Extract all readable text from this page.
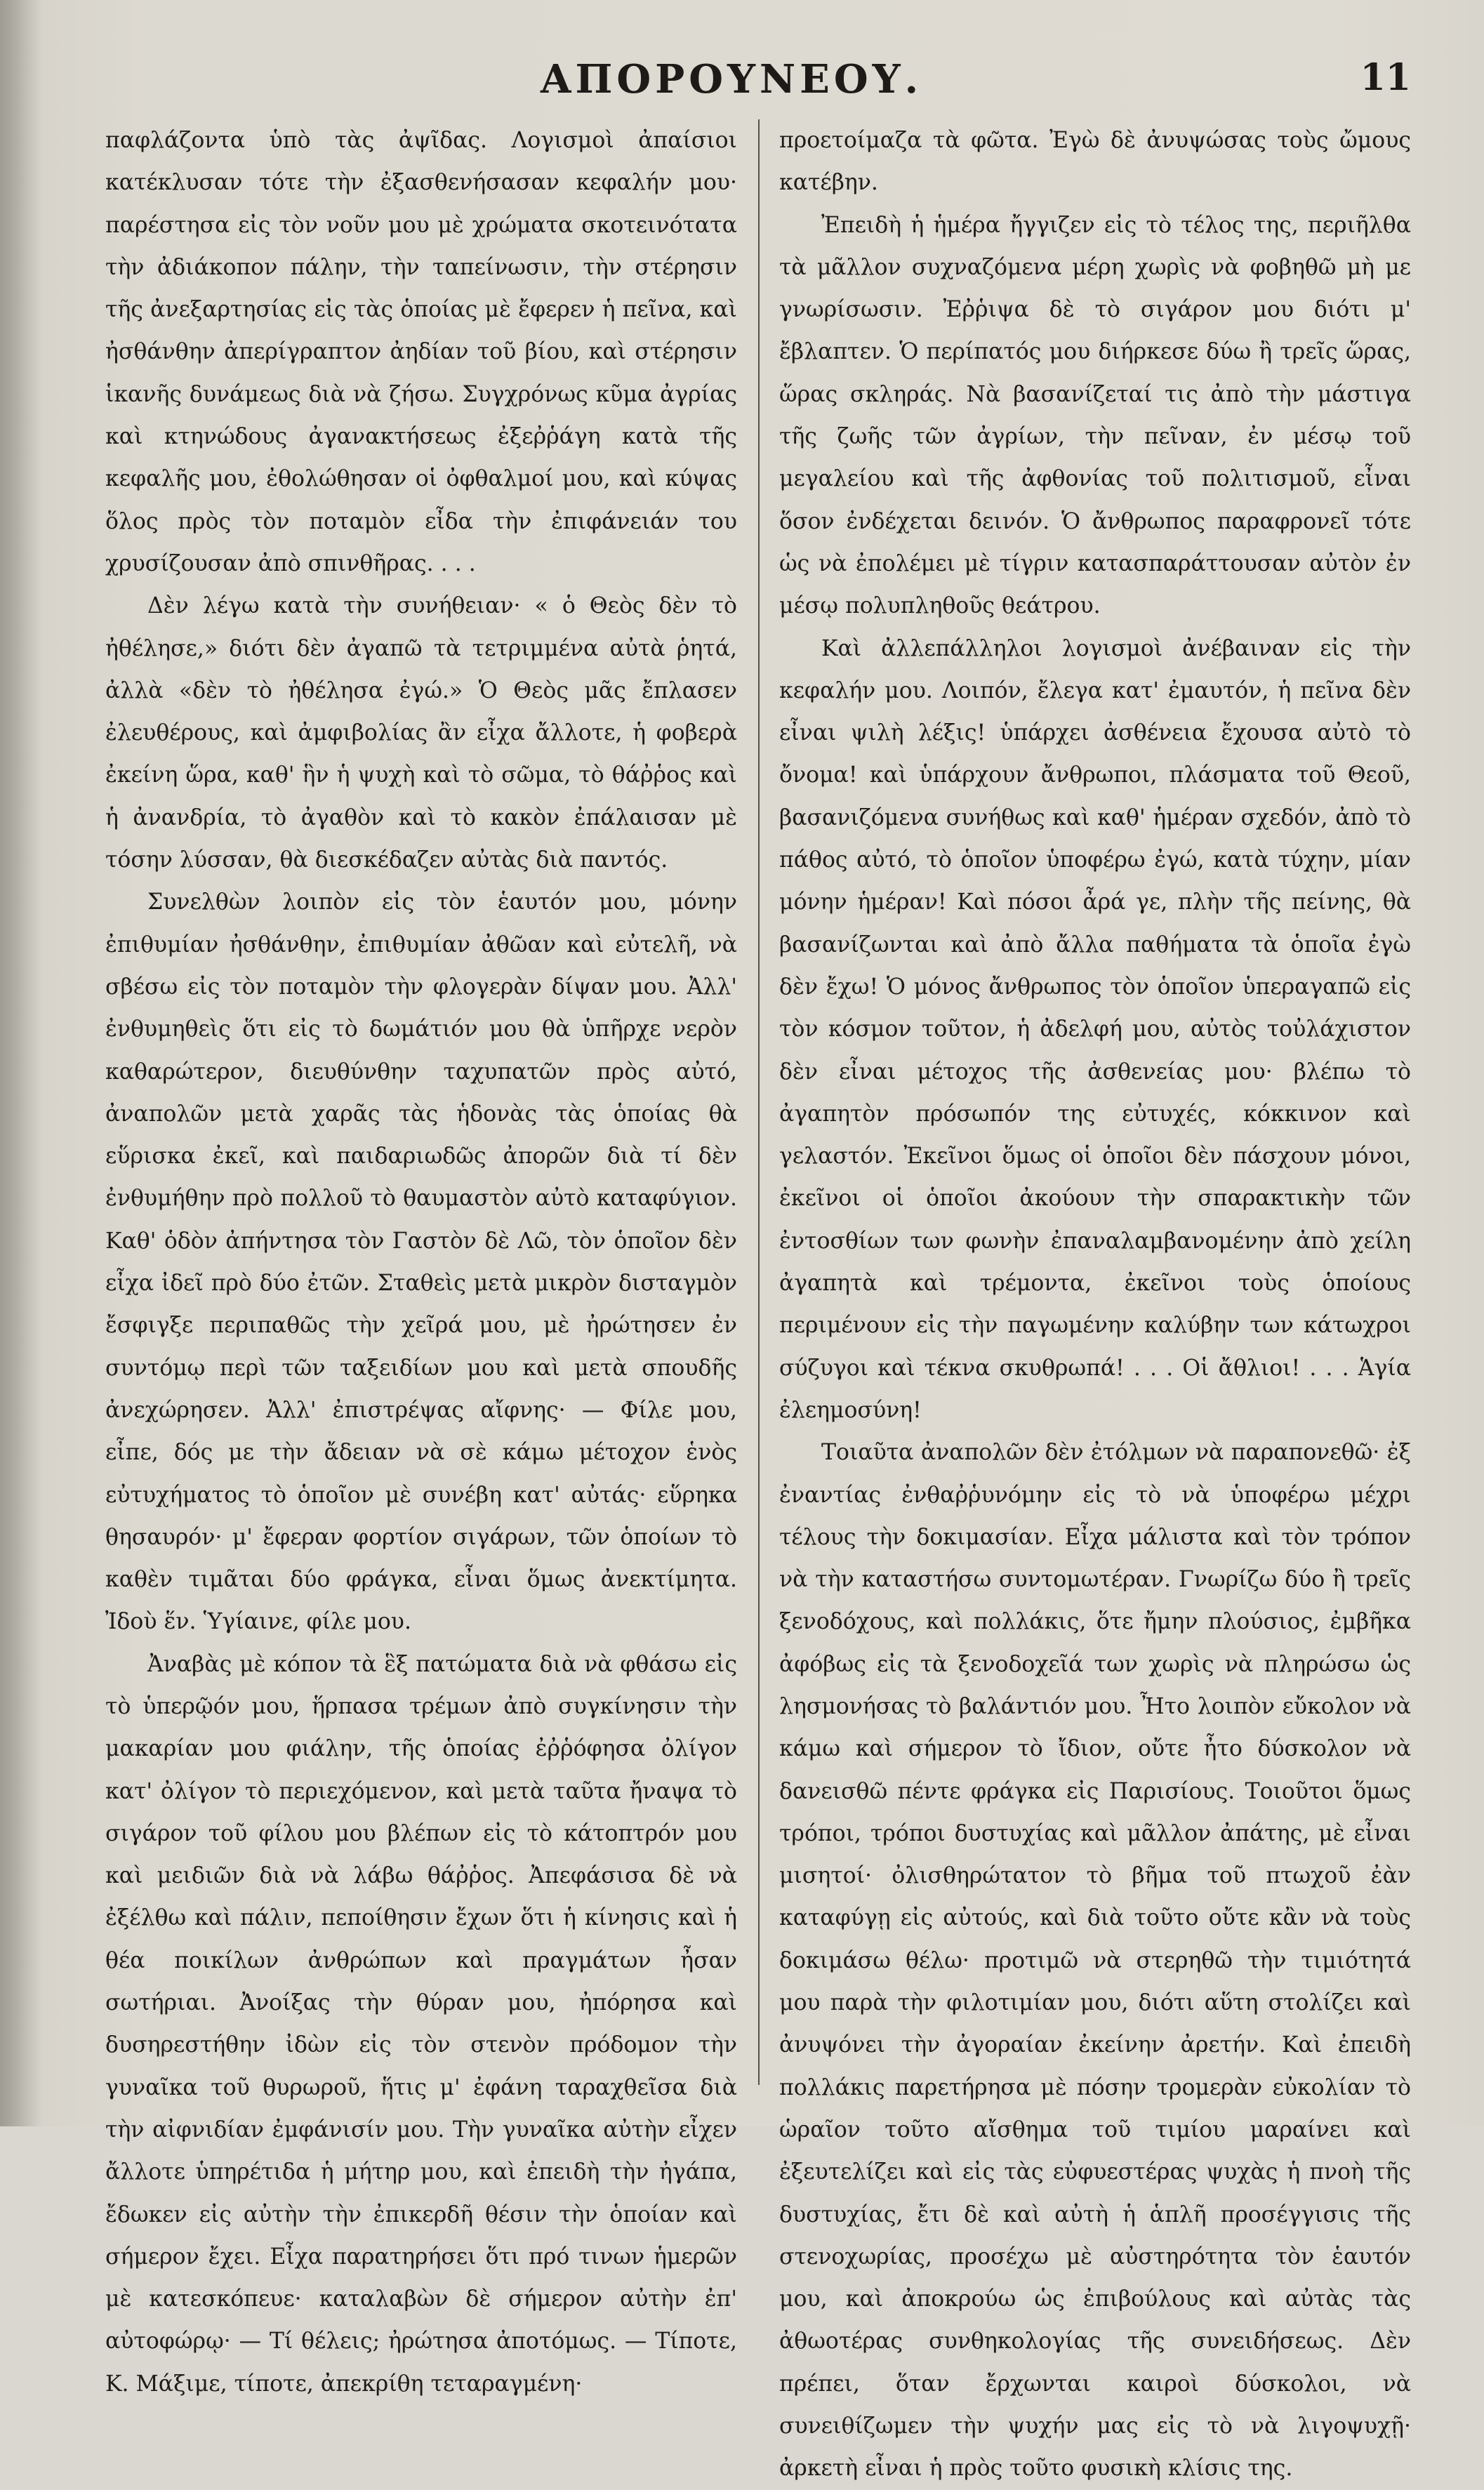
ΑΠΟΡΟΥΝΕΟΥ.	11

παφλάζοντα ὑπὸ τὰς ἀψῖδας. Λογισμοὶ ἀπαίσιοι κατέκλυσαν τότε τὴν ἐξασθενήσασαν κεφαλήν μου· παρέστησα εἰς τὸν νοῦν μου μὲ χρώματα σκοτεινότατα τὴν ἀδιάκοπον πάλην, τὴν ταπείνωσιν, τὴν στέρησιν τῆς ἀνεξαρτησίας εἰς τὰς ὁποίας μὲ ἔφερεν ἡ πεῖνα, καὶ ἠσθάνθην ἀπερίγραπτον ἀηδίαν τοῦ βίου, καὶ στέρησιν ἱκανῆς δυνάμεως διὰ νὰ ζήσω. Συγχρόνως κῦμα ἀγρίας καὶ κτηνώδους ἀγανακτήσεως ἐξεῤῥάγη κατὰ τῆς κεφαλῆς μου, ἐθολώθησαν οἱ ὀφθαλμοί μου, καὶ κύψας ὅλος πρὸς τὸν ποταμὸν εἶδα τὴν ἐπιφάνειάν του χρυσίζουσαν ἀπὸ σπινθῆρας. . . .

Δὲν λέγω κατὰ τὴν συνήθειαν· « ὁ Θεὸς δὲν τὸ ἠθέλησε,» διότι δὲν ἀγαπῶ τὰ τετριμμένα αὐτὰ ῥητά, ἀλλὰ «δὲν τὸ ἠθέλησα ἐγώ.» Ὁ Θεὸς μᾶς ἔπλασεν ἐλευθέρους, καὶ ἀμφιβολίας ἂν εἶχα ἄλλοτε, ἡ φοβερὰ ἐκείνη ὥρα, καθ' ἣν ἡ ψυχὴ καὶ τὸ σῶμα, τὸ θάῤῥος καὶ ἡ ἀνανδρία, τὸ ἀγαθὸν καὶ τὸ κακὸν ἐπάλαισαν μὲ τόσην λύσσαν, θὰ διεσκέδαζεν αὐτὰς διὰ παντός.

Συνελθὼν λοιπὸν εἰς τὸν ἑαυτόν μου, μόνην ἐπιθυμίαν ἠσθάνθην, ἐπιθυμίαν ἀθῶαν καὶ εὐτελῆ, νὰ σβέσω εἰς τὸν ποταμὸν τὴν φλογερὰν δίψαν μου. Ἀλλ' ἐνθυμηθεὶς ὅτι εἰς τὸ δωμάτιόν μου θὰ ὑπῆρχε νερὸν καθαρώτερον, διευθύνθην ταχυπατῶν πρὸς αὐτό, ἀναπολῶν μετὰ χαρᾶς τὰς ἡδονὰς τὰς ὁποίας θὰ εὕρισκα ἐκεῖ, καὶ παιδαριωδῶς ἀπορῶν διὰ τί δὲν ἐνθυμήθην πρὸ πολλοῦ τὸ θαυμαστὸν αὐτὸ καταφύγιον. Καθ' ὁδὸν ἀπήντησα τὸν Γαστὸν δὲ Λῶ, τὸν ὁποῖον δὲν εἶχα ἰδεῖ πρὸ δύο ἐτῶν. Σταθεὶς μετὰ μικρὸν δισταγμὸν ἔσφιγξε περιπαθῶς τὴν χεῖρά μου, μὲ ἠρώτησεν ἐν συντόμῳ περὶ τῶν ταξειδίων μου καὶ μετὰ σπουδῆς ἀνεχώρησεν. Ἀλλ' ἐπιστρέψας αἴφνης· — Φίλε μου, εἶπε, δός με τὴν ἄδειαν νὰ σὲ κάμω μέτοχον ἑνὸς εὐτυχήματος τὸ ὁποῖον μὲ συνέβη κατ' αὐτάς· εὕρηκα θησαυρόν· μ' ἔφεραν φορτίον σιγάρων, τῶν ὁποίων τὸ καθὲν τιμᾶται δύο φράγκα, εἶναι ὅμως ἀνεκτίμητα. Ἰδοὺ ἕν. Ὑγίαινε, φίλε μου.

Ἀναβὰς μὲ κόπον τὰ ἓξ πατώματα διὰ νὰ φθάσω εἰς τὸ ὑπερῷόν μου, ἥρπασα τρέμων ἀπὸ συγκίνησιν τὴν μακαρίαν μου φιάλην, τῆς ὁποίας ἐῤῥόφησα ὀλίγον κατ' ὀλίγον τὸ περιεχόμενον, καὶ μετὰ ταῦτα ἤναψα τὸ σιγάρον τοῦ φίλου μου βλέπων εἰς τὸ κάτοπτρόν μου καὶ μειδιῶν διὰ νὰ λάβω θάῤῥος. Ἀπεφάσισα δὲ νὰ ἐξέλθω καὶ πάλιν, πεποίθησιν ἔχων ὅτι ἡ κίνησις καὶ ἡ θέα ποικίλων ἀνθρώπων καὶ πραγμάτων ἦσαν σωτήριαι. Ἀνοίξας τὴν θύραν μου, ἠπόρησα καὶ δυσηρεστήθην ἰδὼν εἰς τὸν στενὸν πρόδομον τὴν γυναῖκα τοῦ θυρωροῦ, ἥτις μ' ἐφάνη ταραχθεῖσα διὰ τὴν αἰφνιδίαν ἐμφάνισίν μου. Τὴν γυναῖκα αὐτὴν εἶχεν ἄλλοτε ὑπηρέτιδα ἡ μήτηρ μου, καὶ ἐπειδὴ τὴν ἠγάπα, ἔδωκεν εἰς αὐτὴν τὴν ἐπικερδῆ θέσιν τὴν ὁποίαν καὶ σήμερον ἔχει. Εἶχα παρατηρήσει ὅτι πρό τινων ἡμερῶν μὲ κατεσκόπευε· καταλαβὼν δὲ σήμερον αὐτὴν ἐπ' αὐτοφώρῳ· — Τί θέλεις; ἠρώτησα ἀποτόμως. — Τίποτε, Κ. Μάξιμε, τίποτε, ἀπεκρίθη τεταραγμένη·

προετοίμαζα τὰ φῶτα. Ἐγὼ δὲ ἀνυψώσας τοὺς ὤμους κατέβην.

Ἐπειδὴ ἡ ἡμέρα ἤγγιζεν εἰς τὸ τέλος της, περιῆλθα τὰ μᾶλλον συχναζόμενα μέρη χωρὶς νὰ φοβηθῶ μὴ με γνωρίσωσιν. Ἐῤῥιψα δὲ τὸ σιγάρον μου διότι μ' ἔβλαπτεν. Ὁ περίπατός μου διήρκεσε δύω ἢ τρεῖς ὥρας, ὥρας σκληράς. Νὰ βασανίζεταί τις ἀπὸ τὴν μάστιγα τῆς ζωῆς τῶν ἀγρίων, τὴν πεῖναν, ἐν μέσῳ τοῦ μεγαλείου καὶ τῆς ἀφθονίας τοῦ πολιτισμοῦ, εἶναι ὅσον ἐνδέχεται δεινόν. Ὁ ἄνθρωπος παραφρονεῖ τότε ὡς νὰ ἐπολέμει μὲ τίγριν κατασπαράττουσαν αὐτὸν ἐν μέσῳ πολυπληθοῦς θεάτρου.

Καὶ ἀλλεπάλληλοι λογισμοὶ ἀνέβαιναν εἰς τὴν κεφαλήν μου. Λοιπόν, ἔλεγα κατ' ἐμαυτόν, ἡ πεῖνα δὲν εἶναι ψιλὴ λέξις! ὑπάρχει ἀσθένεια ἔχουσα αὐτὸ τὸ ὄνομα! καὶ ὑπάρχουν ἄνθρωποι, πλάσματα τοῦ Θεοῦ, βασανιζόμενα συνήθως καὶ καθ' ἡμέραν σχεδόν, ἀπὸ τὸ πάθος αὐτό, τὸ ὁποῖον ὑποφέρω ἐγώ, κατὰ τύχην, μίαν μόνην ἡμέραν! Καὶ πόσοι ἆρά γε, πλὴν τῆς πείνης, θὰ βασανίζωνται καὶ ἀπὸ ἄλλα παθήματα τὰ ὁποῖα ἐγὼ δὲν ἔχω! Ὁ μόνος ἄνθρωπος τὸν ὁποῖον ὑπεραγαπῶ εἰς τὸν κόσμον τοῦτον, ἡ ἀδελφή μου, αὐτὸς τοὐλάχιστον δὲν εἶναι μέτοχος τῆς ἀσθενείας μου· βλέπω τὸ ἀγαπητὸν πρόσωπόν της εὐτυχές, κόκκινον καὶ γελαστόν. Ἐκεῖνοι ὅμως οἱ ὁποῖοι δὲν πάσχουν μόνοι, ἐκεῖνοι οἱ ὁποῖοι ἀκούουν τὴν σπαρακτικὴν τῶν ἐντοσθίων των φωνὴν ἐπαναλαμβανομένην ἀπὸ χείλη ἀγαπητὰ καὶ τρέμοντα, ἐκεῖνοι τοὺς ὁποίους περιμένουν εἰς τὴν παγωμένην καλύβην των κάτωχροι σύζυγοι καὶ τέκνα σκυθρωπά! . . . Οἱ ἄθλιοι! . . . Ἁγία ἐλεημοσύνη!

Τοιαῦτα ἀναπολῶν δὲν ἐτόλμων νὰ παραπονεθῶ· ἐξ ἐναντίας ἐνθαῤῥυνόμην εἰς τὸ νὰ ὑποφέρω μέχρι τέλους τὴν δοκιμασίαν. Εἶχα μάλιστα καὶ τὸν τρόπον νὰ τὴν καταστήσω συντομωτέραν. Γνωρίζω δύο ἢ τρεῖς ξενοδόχους, καὶ πολλάκις, ὅτε ἤμην πλούσιος, ἐμβῆκα ἀφόβως εἰς τὰ ξενοδοχεῖά των χωρὶς νὰ πληρώσω ὡς λησμονήσας τὸ βαλάντιόν μου. Ἦτο λοιπὸν εὔκολον νὰ κάμω καὶ σήμερον τὸ ἴδιον, οὔτε ἦτο δύσκολον νὰ δανεισθῶ πέντε φράγκα εἰς Παρισίους. Τοιοῦτοι ὅμως τρόποι, τρόποι δυστυχίας καὶ μᾶλλον ἀπάτης, μὲ εἶναι μισητοί· ὀλισθηρώτατον τὸ βῆμα τοῦ πτωχοῦ ἐὰν καταφύγῃ εἰς αὐτούς, καὶ διὰ τοῦτο οὔτε κἂν νὰ τοὺς δοκιμάσω θέλω· προτιμῶ νὰ στερηθῶ τὴν τιμιότητά μου παρὰ τὴν φιλοτιμίαν μου, διότι αὕτη στολίζει καὶ ἀνυψόνει τὴν ἀγοραίαν ἐκείνην ἀρετήν. Καὶ ἐπειδὴ πολλάκις παρετήρησα μὲ πόσην τρομερὰν εὐκολίαν τὸ ὡραῖον τοῦτο αἴσθημα τοῦ τιμίου μαραίνει καὶ ἐξευτελίζει καὶ εἰς τὰς εὐφυεστέρας ψυχὰς ἡ πνοὴ τῆς δυστυχίας, ἔτι δὲ καὶ αὐτὴ ἡ ἁπλῆ προσέγγισις τῆς στενοχωρίας, προσέχω μὲ αὐστηρότητα τὸν ἑαυτόν μου, καὶ ἀποκρούω ὡς ἐπιβούλους καὶ αὐτὰς τὰς ἀθωοτέρας συνθηκολογίας τῆς συνειδήσεως. Δὲν πρέπει, ὅταν ἔρχωνται καιροὶ δύσκολοι, νὰ συνειθίζωμεν τὴν ψυχήν μας εἰς τὸ νὰ λιγοψυχῇ· ἀρκετὴ εἶναι ἡ πρὸς τοῦτο φυσικὴ κλίσις της.
